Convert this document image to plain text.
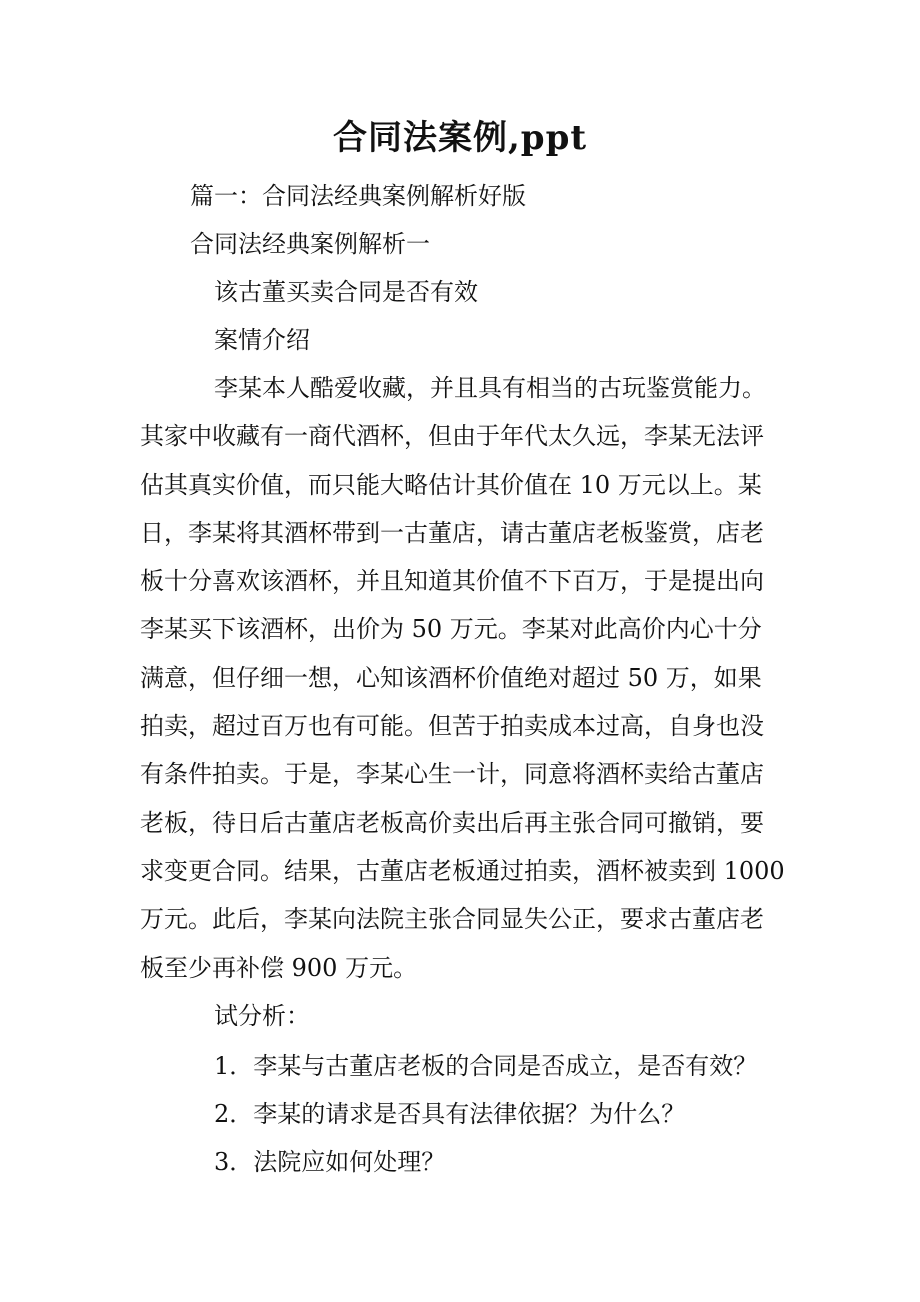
合同法案例,ppt
篇一：合同法经典案例解析好版
合同法经典案例解析一
该古董买卖合同是否有效
案情介绍
李某本人酷爱收藏，并且具有相当的古玩鉴赏能力。
其家中收藏有一商代酒杯，但由于年代太久远，李某无法评
估其真实价值，而只能大略估计其价值在 10 万元以上。某
日，李某将其酒杯带到一古董店，请古董店老板鉴赏，店老
板十分喜欢该酒杯，并且知道其价值不下百万，于是提出向
李某买下该酒杯，出价为 50 万元。李某对此高价内心十分
满意，但仔细一想，心知该酒杯价值绝对超过 50 万，如果
拍卖，超过百万也有可能。但苦于拍卖成本过高，自身也没
有条件拍卖。于是，李某心生一计，同意将酒杯卖给古董店
老板，待日后古董店老板高价卖出后再主张合同可撤销，要
求变更合同。结果，古董店老板通过拍卖，酒杯被卖到 1000
万元。此后，李某向法院主张合同显失公正，要求古董店老
板至少再补偿 900 万元。
试分析：
1．李某与古董店老板的合同是否成立，是否有效？
2．李某的请求是否具有法律依据？为什么？
3．法院应如何处理？
